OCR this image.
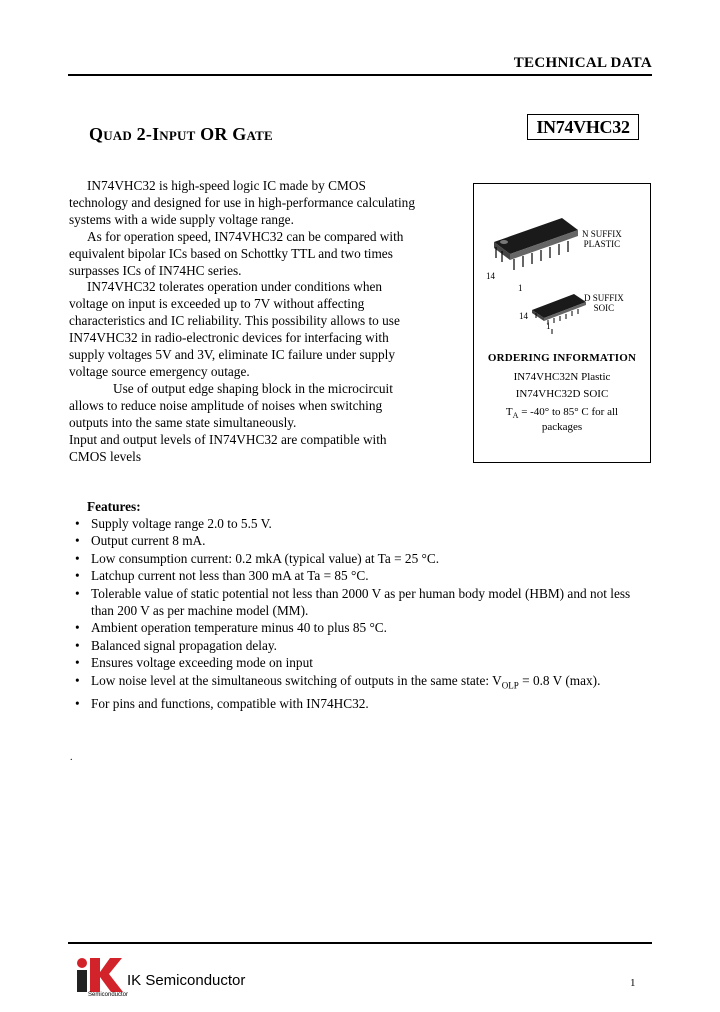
TECHNICAL DATA
IN74VHC32
QUAD 2-INPUT OR GATE

IN74VHC32 is high-speed logic IC made by CMOS technology and designed for use in high-performance calculating systems with a wide supply voltage range.

As for operation speed, IN74VHC32 can be compared with equivalent bipolar ICs based on Schottky TTL and two times surpasses ICs of IN74HC series.

IN74VHC32 tolerates operation under conditions when voltage on input is exceeded up to 7V without affecting characteristics and IC reliability. This possibility allows to use IN74VHC32 in radio-electronic devices for interfacing with supply voltages 5V and 3V, eliminate IC failure under supply voltage source emergency outage.

Use of output edge shaping block in the microcircuit allows to reduce noise amplitude of noises when switching outputs into the same state simultaneously.

Input and output levels of IN74VHC32 are compatible with CMOS levels

N SUFFIX
PLASTIC
D SUFFIX
SOIC
14
1
14
1
ORDERING INFORMATION
IN74VHC32N Plastic
IN74VHC32D SOIC
$T_A = -40^\circ$ to 85° C for all
packages
Features:
• Supply voltage range 2.0 to 5.5 V.
• Output current 8 mA.
• Low consumption current: 0.2 mkA (typical value) at Ta = 25 °C.
• Latchup current not less than 300 mA at Ta = 85 °C.
• Tolerable value of static potential not less than 2000 V as per human body model (HBM) and not less than 200 V as per machine model (MM).
• Ambient operation temperature minus 40 to plus 85 °C.
• Balanced signal propagation delay.
• Ensures voltage exceeding mode on input
• Low noise level at the simultaneous switching of outputs in the same state: $V_{OLP} = 0.8$ V (max).
• For pins and functions, compatible with IN74HC32.
.
Semiconductor
IK Semiconductor	1
